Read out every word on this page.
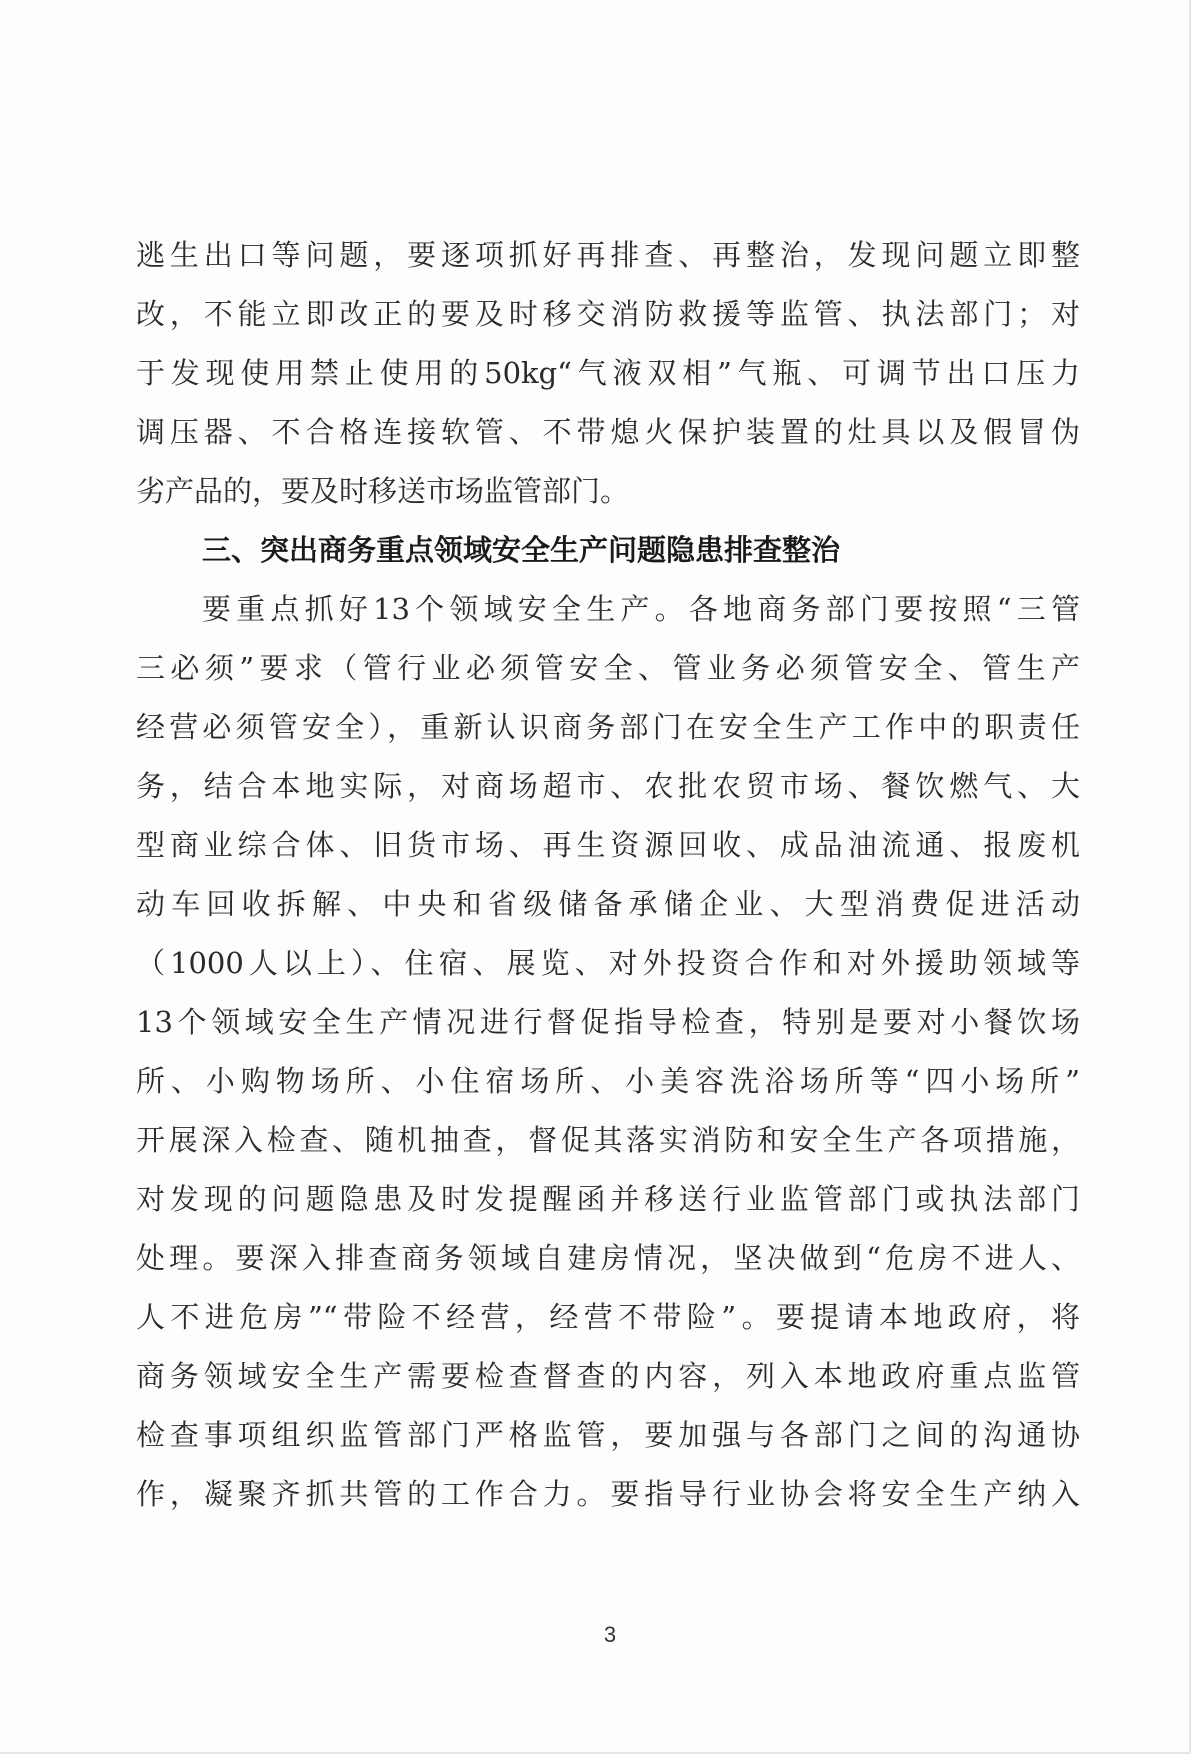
逃生出口等问题，要逐项抓好再排查、再整治，发现问题立即整
改，不能立即改正的要及时移交消防救援等监管、执法部门；对
于发现使用禁止使用的50kg“气液双相”气瓶、可调节出口压力
调压器、不合格连接软管、不带熄火保护装置的灶具以及假冒伪
劣产品的，要及时移送市场监管部门。
三、突出商务重点领域安全生产问题隐患排查整治
要重点抓好13个领域安全生产。各地商务部门要按照“三管
三必须”要求（管行业必须管安全、管业务必须管安全、管生产
经营必须管安全），重新认识商务部门在安全生产工作中的职责任
务，结合本地实际，对商场超市、农批农贸市场、餐饮燃气、大
型商业综合体、旧货市场、再生资源回收、成品油流通、报废机
动车回收拆解、中央和省级储备承储企业、大型消费促进活动
（1000人以上）、住宿、展览、对外投资合作和对外援助领域等
13个领域安全生产情况进行督促指导检查，特别是要对小餐饮场
所、小购物场所、小住宿场所、小美容洗浴场所等“四小场所”
开展深入检查、随机抽查，督促其落实消防和安全生产各项措施，
对发现的问题隐患及时发提醒函并移送行业监管部门或执法部门
处理。要深入排查商务领域自建房情况，坚决做到“危房不进人、
人不进危房”“带险不经营，经营不带险”。要提请本地政府，将
商务领域安全生产需要检查督查的内容，列入本地政府重点监管
检查事项组织监管部门严格监管，要加强与各部门之间的沟通协
作，凝聚齐抓共管的工作合力。要指导行业协会将安全生产纳入
3
